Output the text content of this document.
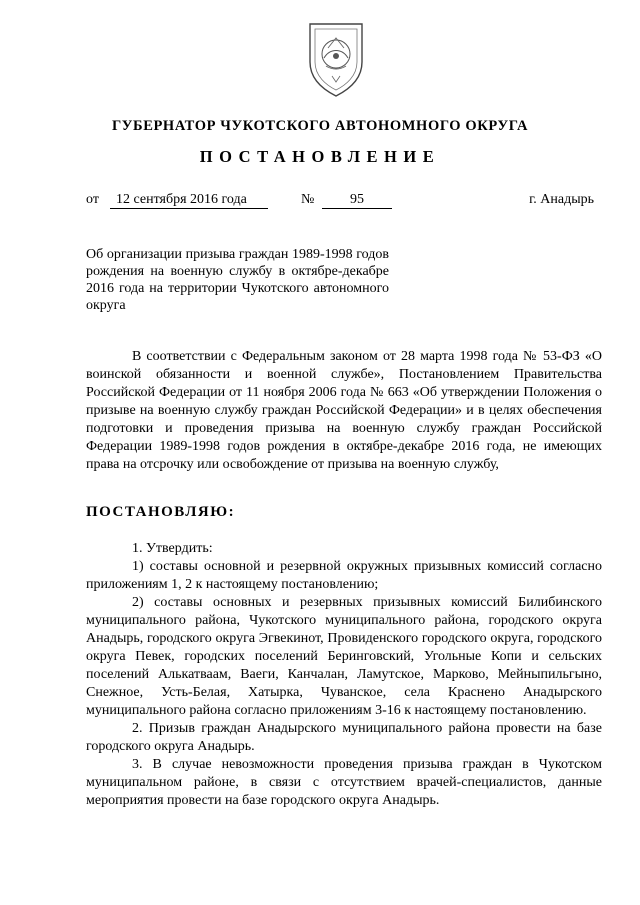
ГУБЕРНАТОР ЧУКОТСКОГО АВТОНОМНОГО ОКРУГА
ПОСТАНОВЛЕНИЕ
от	12 сентября 2016 года	№	95	г. Анадырь
Об организации призыва граждан 1989-1998 годов рождения на военную службу в октябре-декабре 2016 года на территории Чукотского автономного округа
В соответствии с Федеральным законом от 28 марта 1998 года № 53-ФЗ «О воинской обязанности и военной службе», Постановлением Правительства Российской Федерации от 11 ноября 2006 года № 663 «Об утверждении Положения о призыве на военную службу граждан Российской Федерации» и в целях обеспечения подготовки и проведения призыва на военную службу граждан Российской Федерации 1989-1998 годов рождения в октябре-декабре 2016 года, не имеющих права на отсрочку или освобождение от призыва на военную службу,
ПОСТАНОВЛЯЮ:

1. Утвердить:

1) составы основной и резервной окружных призывных комиссий согласно приложениям 1, 2 к настоящему постановлению;

2) составы основных и резервных призывных комиссий Билибинского муниципального района, Чукотского муниципального района, городского округа Анадырь, городского округа Эгвекинот, Провиденского городского округа, городского округа Певек, городских поселений Беринговский, Угольные Копи и сельских поселений Алькатваам, Ваеги, Канчалан, Ламутское, Марково, Мейныпильгыно, Снежное, Усть-Белая, Хатырка, Чуванское, села Краснено Анадырского муниципального района согласно приложениям 3-16 к настоящему постановлению.

2. Призыв граждан Анадырского муниципального района провести на базе городского округа Анадырь.

3. В случае невозможности проведения призыва граждан в Чукотском муниципальном районе, в связи с отсутствием врачей-специалистов, данные мероприятия провести на базе городского округа Анадырь.
